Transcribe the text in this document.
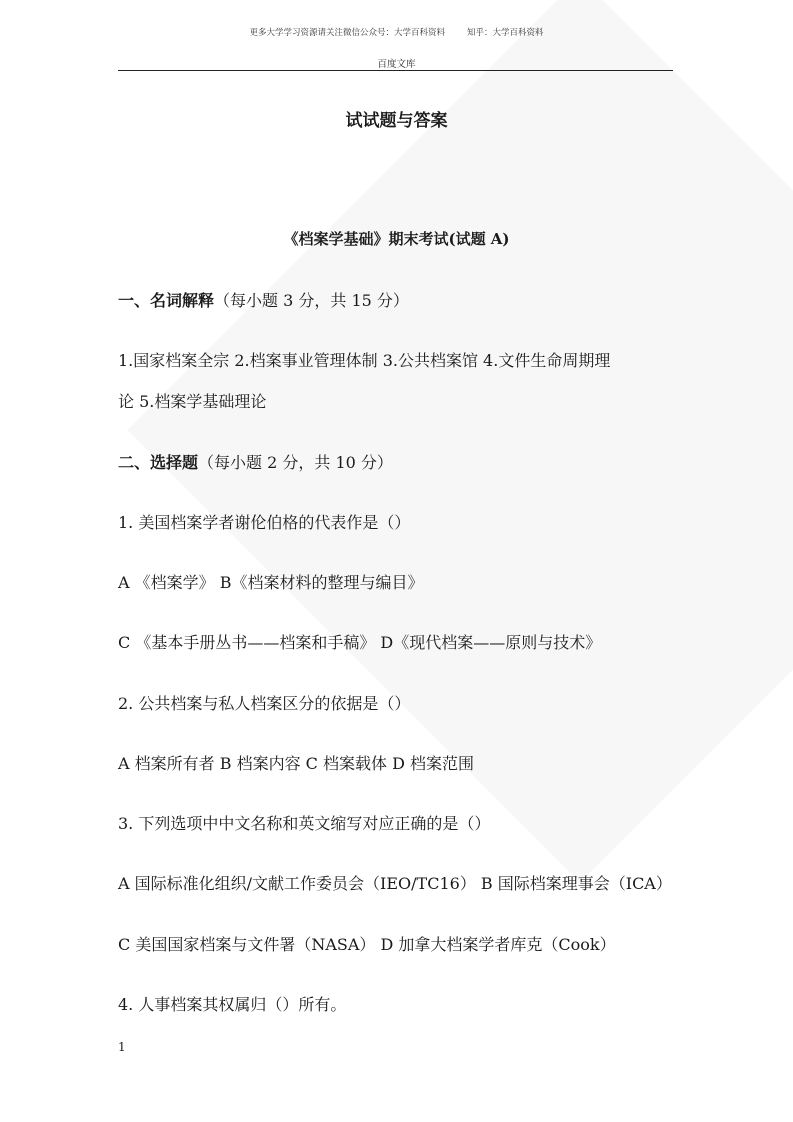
更多大学学习资源请关注微信公众号：大学百科资料	知乎：大学百科资料
百度文库
试试题与答案
《档案学基础》期末考试(试题 A)
一、名词解释（每小题 3 分，共 15 分）
1.国家档案全宗 2.档案事业管理体制 3.公共档案馆 4.文件生命周期理
论 5.档案学基础理论
二、选择题（每小题 2 分，共 10 分）
1. 美国档案学者谢伦伯格的代表作是（）
A 《档案学》 B《档案材料的整理与编目》
C 《基本手册丛书——档案和手稿》 D《现代档案——原则与技术》
2. 公共档案与私人档案区分的依据是（）
A 档案所有者 B 档案内容 C 档案载体 D 档案范围
3. 下列选项中中文名称和英文缩写对应正确的是（）
A 国际标准化组织/文献工作委员会（IEO/TC16） B 国际档案理事会（ICA）
C 美国国家档案与文件署（NASA） D 加拿大档案学者库克（Cook）
4. 人事档案其权属归（）所有。
1
